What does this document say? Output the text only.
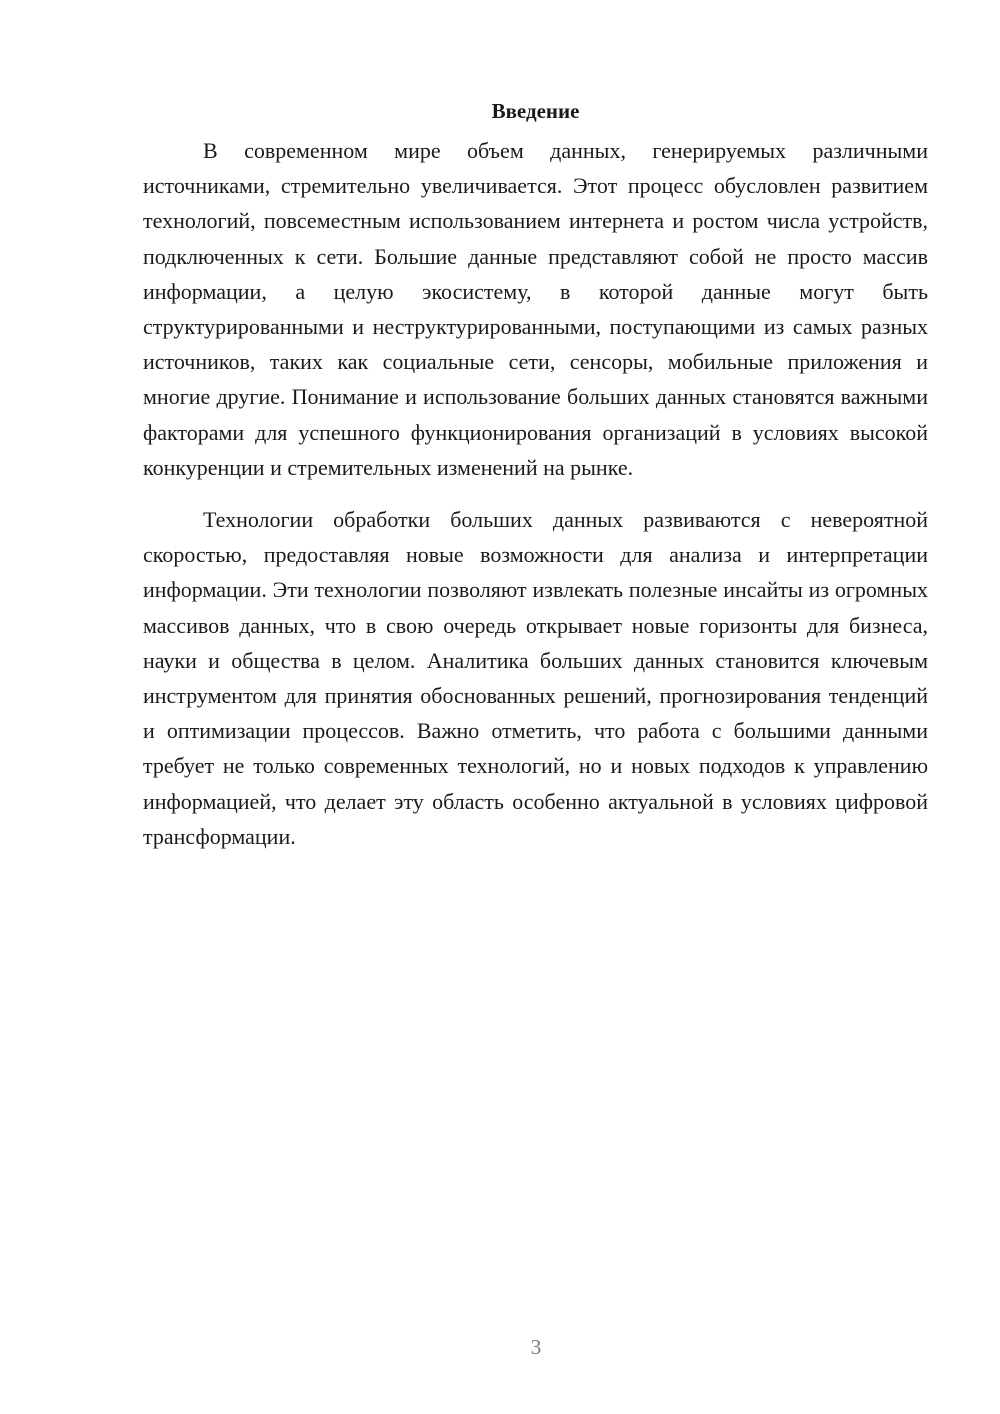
Введение

В современном мире объем данных, генерируемых различными источниками, стремительно увеличивается. Этот процесс обусловлен развитием технологий, повсеместным использованием интернета и ростом числа устройств, подключенных к сети. Большие данные представляют собой не просто массив информации, а целую экосистему, в которой данные могут быть структурированными и неструктурированными, поступающими из самых разных источников, таких как социальные сети, сенсоры, мобильные приложения и многие другие. Понимание и использование больших данных становятся важными факторами для успешного функционирования организаций в условиях высокой конкуренции и стремительных изменений на рынке.

Технологии обработки больших данных развиваются с невероятной скоростью, предоставляя новые возможности для анализа и интерпретации информации. Эти технологии позволяют извлекать полезные инсайты из огромных массивов данных, что в свою очередь открывает новые горизонты для бизнеса, науки и общества в целом. Аналитика больших данных становится ключевым инструментом для принятия обоснованных решений, прогнозирования тенденций и оптимизации процессов. Важно отметить, что работа с большими данными требует не только современных технологий, но и новых подходов к управлению информацией, что делает эту область особенно актуальной в условиях цифровой трансформации.

3
